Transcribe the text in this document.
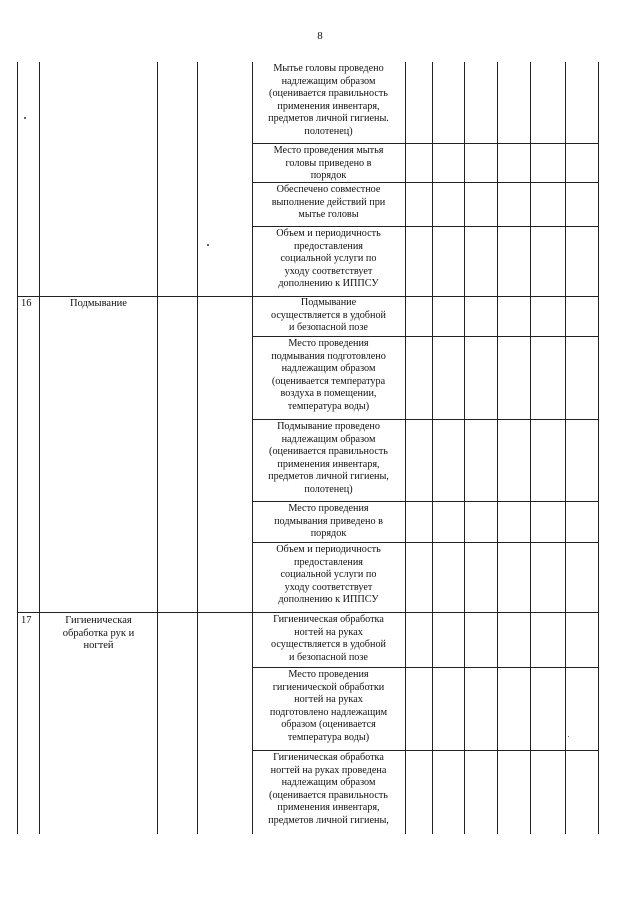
8
16	Подмывание
17	Гигиеническая
обработка рук и
ногтей
Мытье головы проведено
надлежащим образом
(оценивается правильность
применения инвентаря,
предметов личной гигиены.
полотенец)
Место проведения мытья
головы приведено в
порядок
Обеспечено совместное
выполнение действий при
мытье головы
Объем и периодичность
предоставления
социальной услуги по
уходу соответствует
дополнению к ИППСУ
Подмывание
осуществляется в удобной
и безопасной позе
Место проведения
подмывания подготовлено
надлежащим образом
(оценивается температура
воздуха в помещении,
температура воды)
Подмывание проведено
надлежащим образом
(оценивается правильность
применения инвентаря,
предметов личной гигиены,
полотенец)
Место проведения
подмывания приведено в
порядок
Объем и периодичность
предоставления
социальной услуги по
уходу соответствует
дополнению к ИППСУ
Гигиеническая обработка
ногтей на руках
осуществляется в удобной
и безопасной позе
Место проведения
гигиенической обработки
ногтей на руках
подготовлено надлежащим
образом (оценивается
температура воды)
Гигиеническая обработка
ногтей на руках проведена
надлежащим образом
(оценивается правильность
применения инвентаря,
предметов личной гигиены,
